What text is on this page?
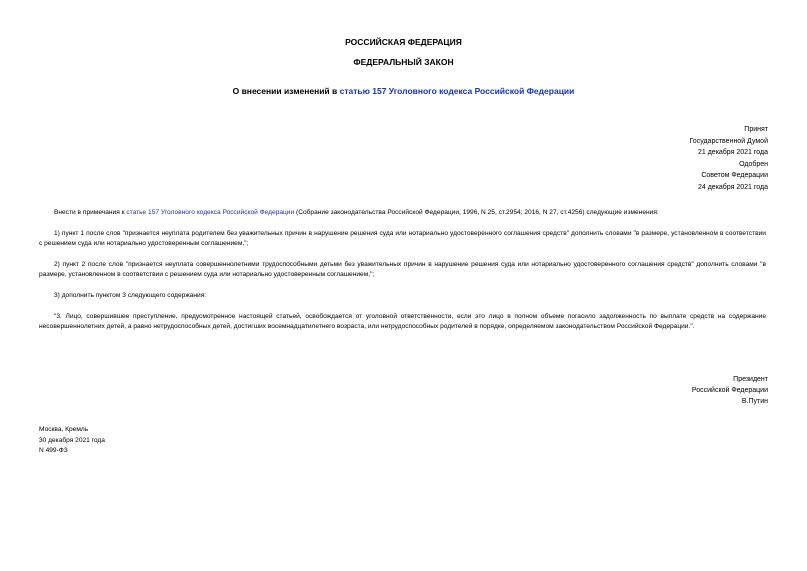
РОССИЙСКАЯ ФЕДЕРАЦИЯ
ФЕДЕРАЛЬНЫЙ ЗАКОН
О внесении изменений в статью 157 Уголовного кодекса Российской Федерации
Принят
Государственной Думой
21 декабря 2021 года
Одобрен
Советом Федерации
24 декабря 2021 года
Внести в примечания к статье 157 Уголовного кодекса Российской Федерации (Собрание законодательства Российской Федерации, 1996, N 25, ст.2954; 2016, N 27, ст.4256) следующие изменения:
1) пункт 1 после слов "признается неуплата родителем без уважительных причин в нарушение решения суда или нотариально удостоверенного соглашения средств" дополнить словами "в размере, установленном в соответствии с решением суда или нотариально удостоверенным соглашением,";
2) пункт 2 после слов "признается неуплата совершеннолетними трудоспособными детьми без уважительных причин в нарушение решения суда или нотариально удостоверенного соглашения средств" дополнить словами "в размере, установленном в соответствии с решением суда или нотариально удостоверенным соглашением,";
3) дополнить пунктом 3 следующего содержания:
"3. Лицо, совершившее преступление, предусмотренное настоящей статьей, освобождается от уголовной ответственности, если это лицо в полном объеме погасило задолженность по выплате средств на содержание несовершеннолетних детей, а равно нетрудоспособных детей, достигших восемнадцатилетнего возраста, или нетрудоспособных родителей в порядке, определяемом законодательством Российской Федерации.".
Президент
Российской Федерации
В.Путин
Москва, Кремль
30 декабря 2021 года
N 499-ФЗ
